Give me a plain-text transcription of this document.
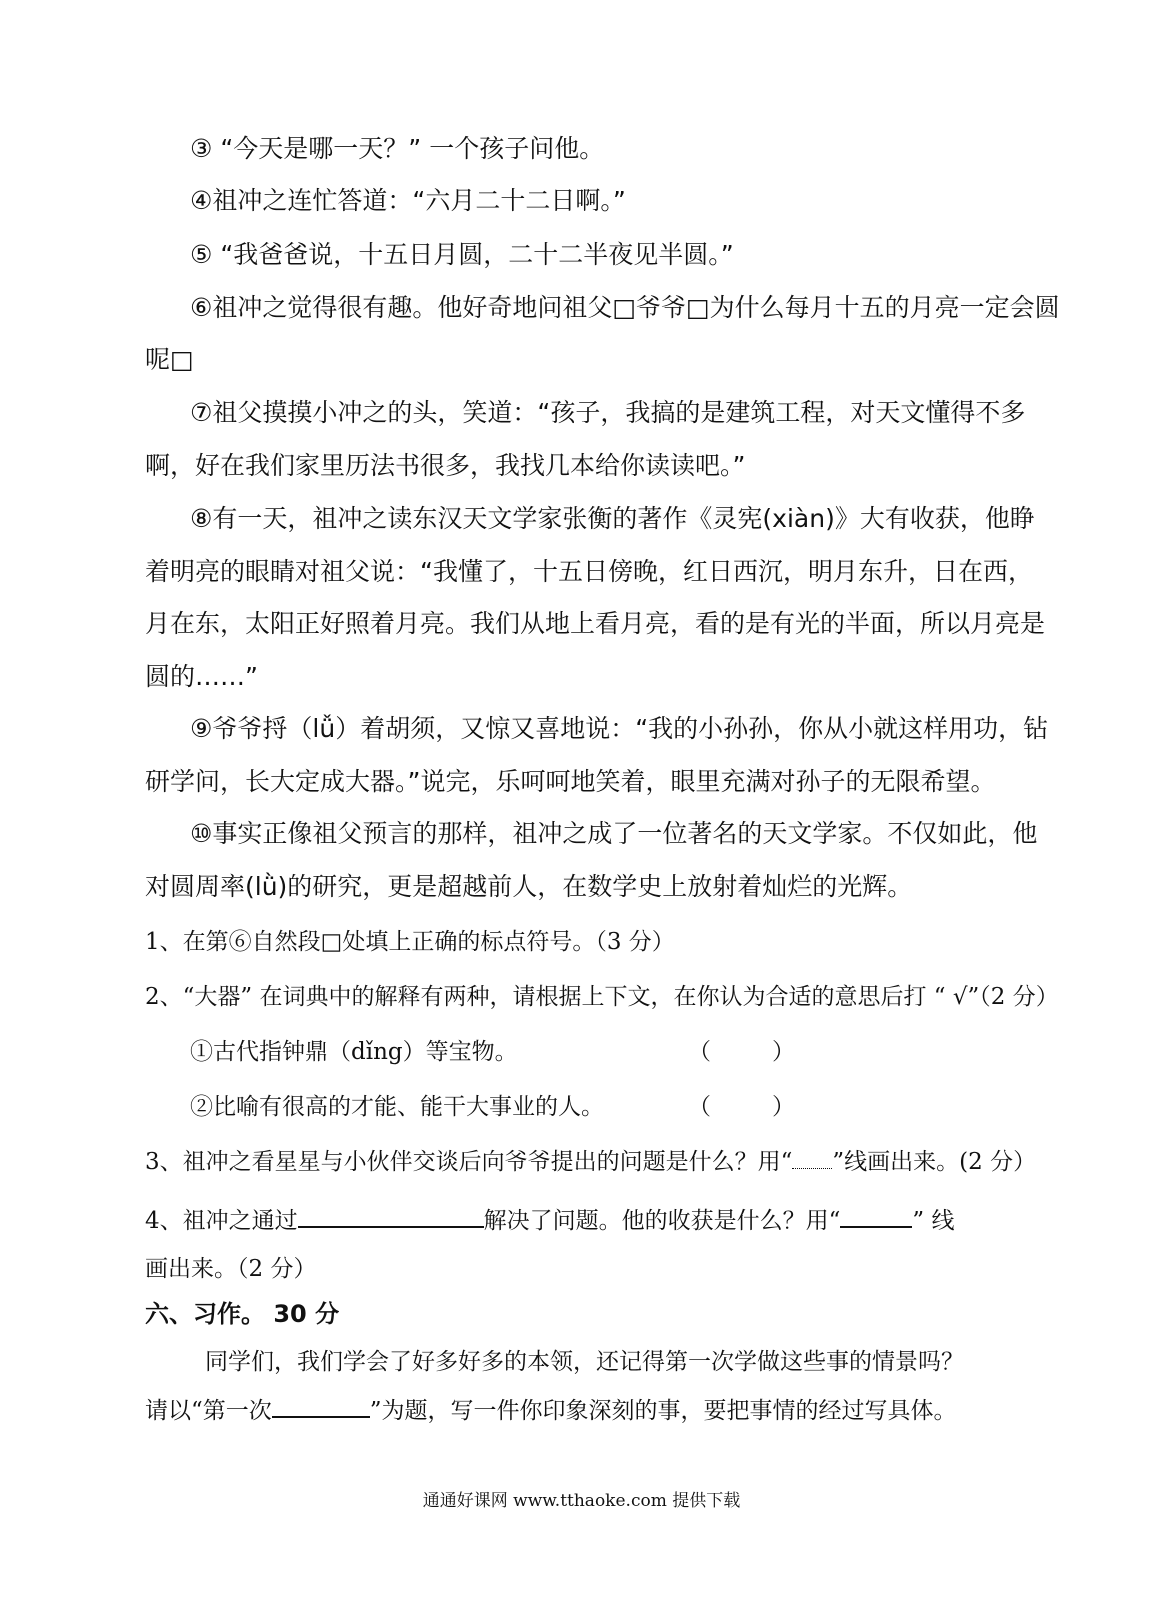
③ “今天是哪一天？” 一个孩子问他。
④祖冲之连忙答道：“六月二十二日啊。”
⑤ “我爸爸说，十五日月圆，二十二半夜见半圆。”
⑥祖冲之觉得很有趣。他好奇地问祖父□爷爷□为什么每月十五的月亮一定会圆
呢□
⑦祖父摸摸小冲之的头，笑道：“孩子，我搞的是建筑工程，对天文懂得不多
啊，好在我们家里历法书很多，我找几本给你读读吧。”
⑧有一天，祖冲之读东汉天文学家张衡的著作《灵宪(xiàn)》大有收获，他睁
着明亮的眼睛对祖父说：“我懂了，十五日傍晚，红日西沉，明月东升，日在西，
月在东，太阳正好照着月亮。我们从地上看月亮，看的是有光的半面，所以月亮是
圆的……”
⑨爷爷捋（lǚ）着胡须，又惊又喜地说：“我的小孙孙，你从小就这样用功，钻
研学问，长大定成大器。”说完，乐呵呵地笑着，眼里充满对孙子的无限希望。
⑩事实正像祖父预言的那样，祖冲之成了一位著名的天文学家。不仅如此，他
对圆周率(lǜ)的研究，更是超越前人，在数学史上放射着灿烂的光辉。
1、在第⑥自然段□处填上正确的标点符号。（3 分）
2、“大器” 在词典中的解释有两种，请根据上下文，在你认为合适的意思后打 “ √”（2 分）
①古代指钟鼎（dǐng）等宝物。	（	）
②比喻有很高的才能、能干大事业的人。	（	）
3、祖冲之看星星与小伙伴交谈后向爷爷提出的问题是什么？用“ ”线画出来。(2 分）
4、祖冲之通过	解决了问题。他的收获是什么？用“	” 线
画出来。（2 分）
六、习作。 30 分
同学们，我们学会了好多好多的本领，还记得第一次学做这些事的情景吗？
请以“第一次	”为题，写一件你印象深刻的事，要把事情的经过写具体。
通通好课网 www.tthaoke.com 提供下载
